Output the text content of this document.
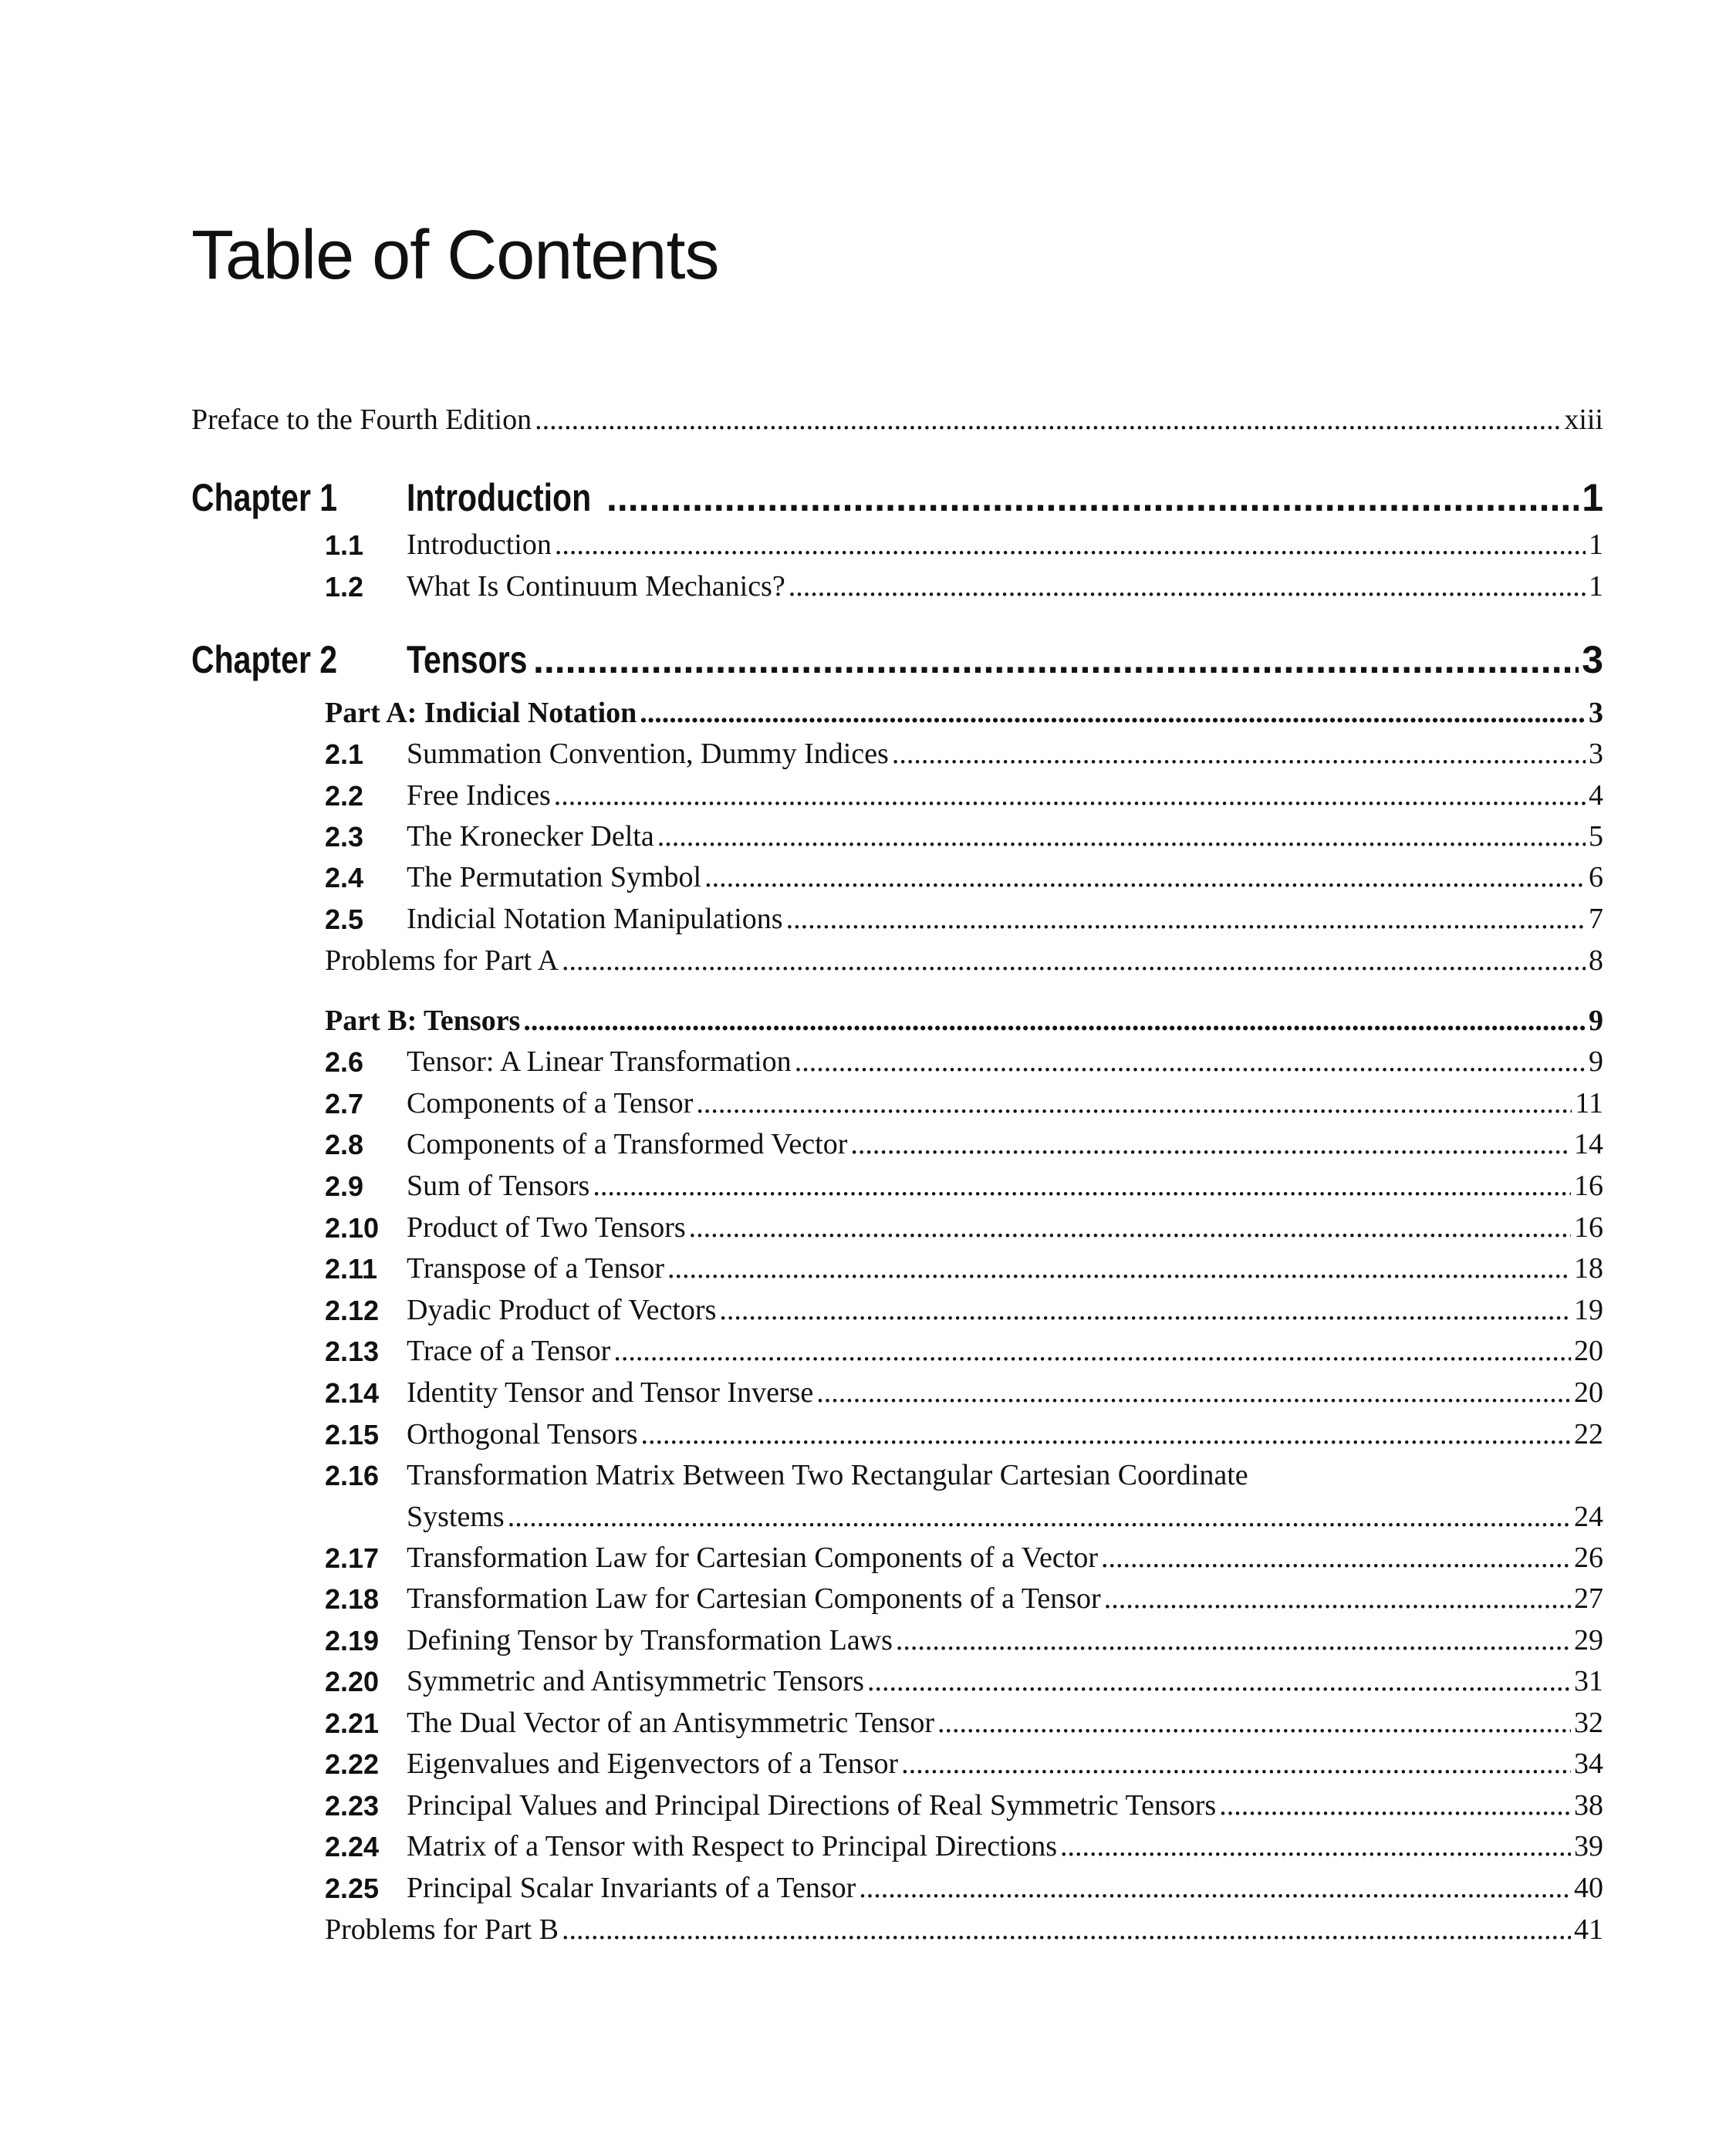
Table of Contents
Preface to the Fourth Edition .....	xiii
Chapter 1 Introduction .....	1
1.1 Introduction .....	1
1.2 What Is Continuum Mechanics? .....	1
Chapter 2 Tensors .....	3
Part A: Indicial Notation .....	3
2.1 Summation Convention, Dummy Indices .....	3
2.2 Free Indices .....	4
2.3 The Kronecker Delta .....	5
2.4 The Permutation Symbol .....	6
2.5 Indicial Notation Manipulations .....	7
Problems for Part A .....	8
Part B: Tensors .....	9
2.6 Tensor: A Linear Transformation .....	9
2.7 Components of a Tensor .....	11
2.8 Components of a Transformed Vector .....	14
2.9 Sum of Tensors .....	16
2.10 Product of Two Tensors .....	16
2.11 Transpose of a Tensor .....	18
2.12 Dyadic Product of Vectors .....	19
2.13 Trace of a Tensor .....	20
2.14 Identity Tensor and Tensor Inverse .....	20
2.15 Orthogonal Tensors .....	22
2.16 Transformation Matrix Between Two Rectangular Cartesian Coordinate
Systems .....	24
2.17 Transformation Law for Cartesian Components of a Vector .....	26
2.18 Transformation Law for Cartesian Components of a Tensor .....	27
2.19 Defining Tensor by Transformation Laws .....	29
2.20 Symmetric and Antisymmetric Tensors .....	31
2.21 The Dual Vector of an Antisymmetric Tensor .....	32
2.22 Eigenvalues and Eigenvectors of a Tensor .....	34
2.23 Principal Values and Principal Directions of Real Symmetric Tensors .....	38
2.24 Matrix of a Tensor with Respect to Principal Directions .....	39
2.25 Principal Scalar Invariants of a Tensor .....	40
Problems for Part B .....	41
